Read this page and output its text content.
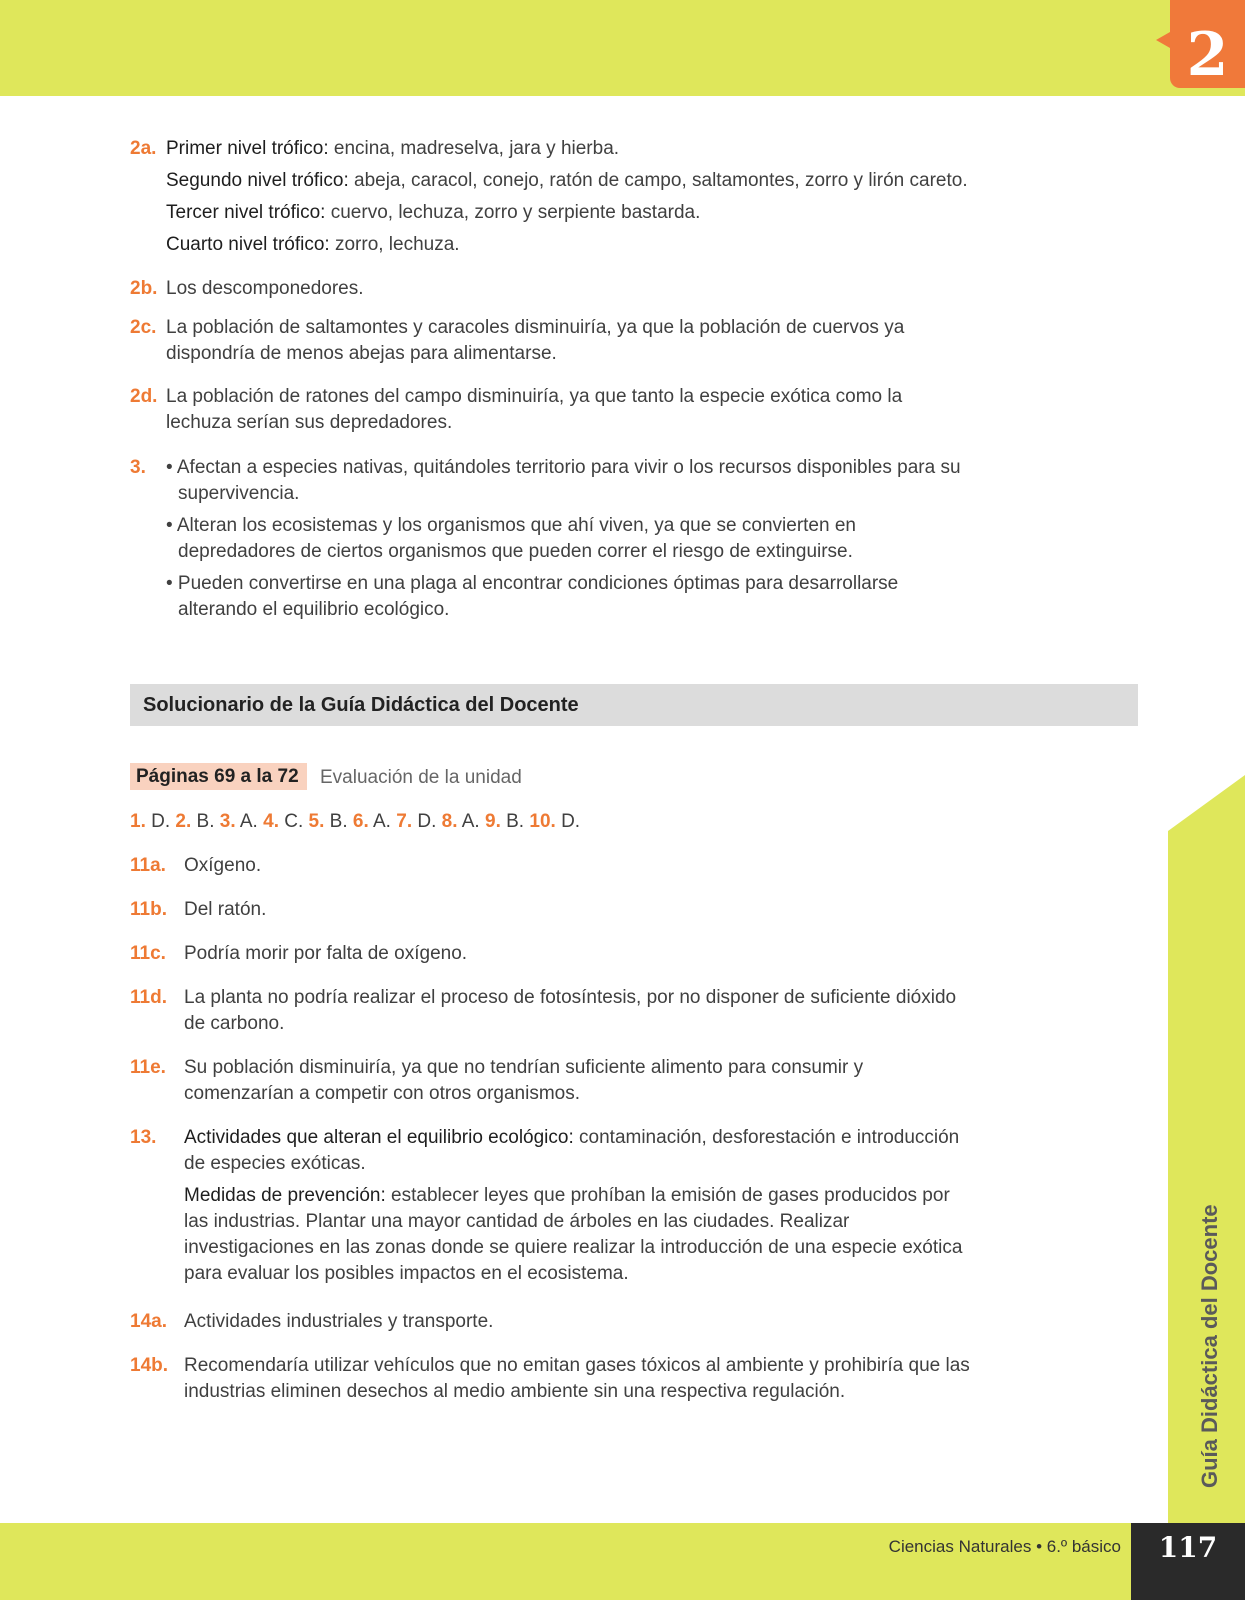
2
Guía Didáctica del Docente
2a. Primer nivel trófico: encina, madreselva, jara y hierba.
Segundo nivel trófico: abeja, caracol, conejo, ratón de campo, saltamontes, zorro y lirón careto.
Tercer nivel trófico: cuervo, lechuza, zorro y serpiente bastarda.
Cuarto nivel trófico: zorro, lechuza.
2b. Los descomponedores.
2c. La población de saltamontes y caracoles disminuiría, ya que la población de cuervos ya dispondría de menos abejas para alimentarse.
2d. La población de ratones del campo disminuiría, ya que tanto la especie exótica como la lechuza serían sus depredadores.
3. • Afectan a especies nativas, quitándoles territorio para vivir o los recursos disponibles para su supervivencia.
• Alteran los ecosistemas y los organismos que ahí viven, ya que se convierten en depredadores de ciertos organismos que pueden correr el riesgo de extinguirse.
• Pueden convertirse en una plaga al encontrar condiciones óptimas para desarrollarse alterando el equilibrio ecológico.
Solucionario de la Guía Didáctica del Docente
Páginas 69 a la 72	Evaluación de la unidad
1. D. 2. B. 3. A. 4. C. 5. B. 6. A. 7. D. 8. A. 9. B. 10. D.
11a. Oxígeno.
11b. Del ratón.
11c. Podría morir por falta de oxígeno.
11d. La planta no podría realizar el proceso de fotosíntesis, por no disponer de suficiente dióxido de carbono.
11e. Su población disminuiría, ya que no tendrían suficiente alimento para consumir y comenzarían a competir con otros organismos.
13. Actividades que alteran el equilibrio ecológico: contaminación, desforestación e introducción de especies exóticas.
Medidas de prevención: establecer leyes que prohíban la emisión de gases producidos por las industrias. Plantar una mayor cantidad de árboles en las ciudades. Realizar investigaciones en las zonas donde se quiere realizar la introducción de una especie exótica para evaluar los posibles impactos en el ecosistema.
14a. Actividades industriales y transporte.
14b. Recomendaría utilizar vehículos que no emitan gases tóxicos al ambiente y prohibiría que las industrias eliminen desechos al medio ambiente sin una respectiva regulación.
Ciencias Naturales • 6.º básico	117
